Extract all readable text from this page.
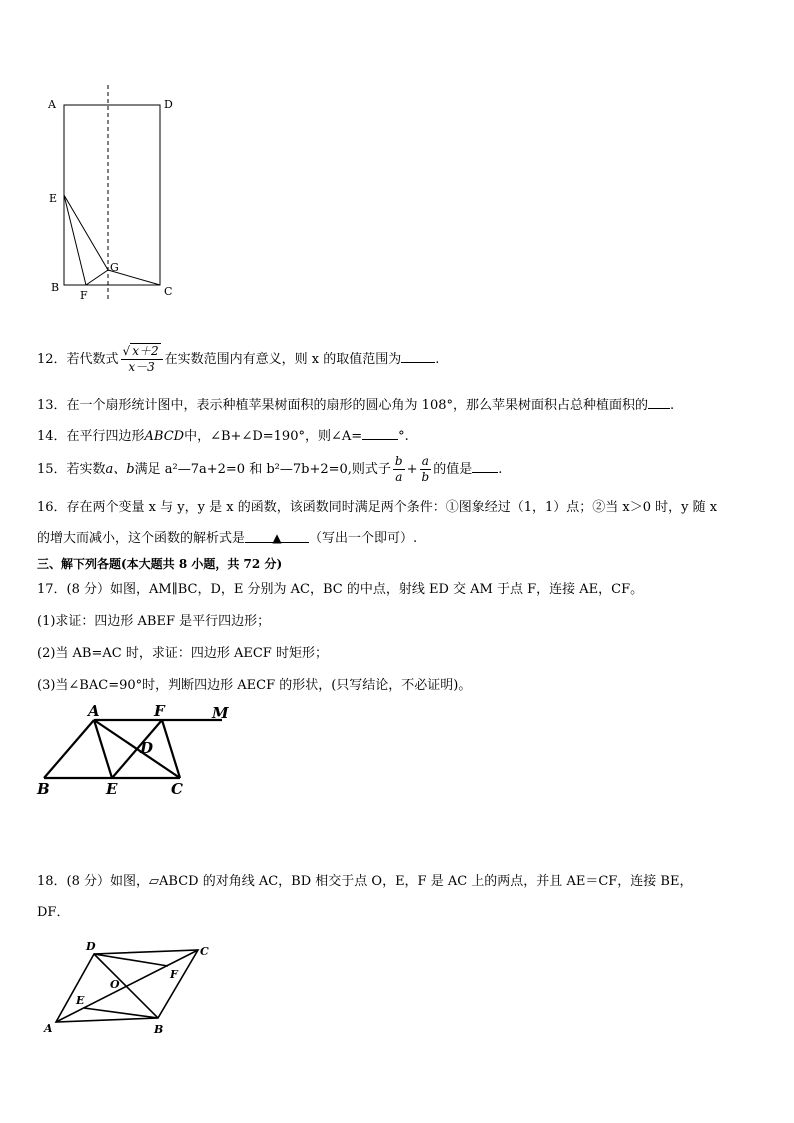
A	D
E
B
F
G
C
12．若代数式 $\frac{√ x+2}{x-3}$ 在实数范围内有意义，则 x 的取值范围为	.
13．在一个扇形统计图中，表示种植苹果树面积的扇形的圆心角为 108°，那么苹果树面积占总种植面积的 .
14．在平行四边形ABCD中，∠B+∠D=190°，则∠A=	°.
15．若实数a、b满足 a²—7a+2=0 和 b²—7b+2=0,则式子 $\frac{b}{a} + \frac{a}{b}$ 的值是 .
16．存在两个变量 x 与 y，y 是 x 的函数，该函数同时满足两个条件：①图象经过（1，1）点；②当 x＞0 时，y 随 x
的增大而减小，这个函数的解析式是 ▲ （写出一个即可）.
三、解下列各题(本大题共 8 小题，共 72 分)
17．(8 分）如图，AM∥BC，D，E 分别为 AC，BC 的中点，射线 ED 交 AM 于点 F，连接 AE，CF。
(1)求证：四边形 ABEF 是平行四边形；
(2)当 AB=AC 时，求证：四边形 AECF 时矩形；
(3)当∠BAC=90°时，判断四边形 AECF 的形状，(只写结论，不必证明)。
A	F	M
D
B	E	C
18．(8 分）如图，▱ABCD 的对角线 AC，BD 相交于点 O，E，F 是 AC 上的两点，并且 AE＝CF，连接 BE，
DF．
D	C
F
O
E
A	B
